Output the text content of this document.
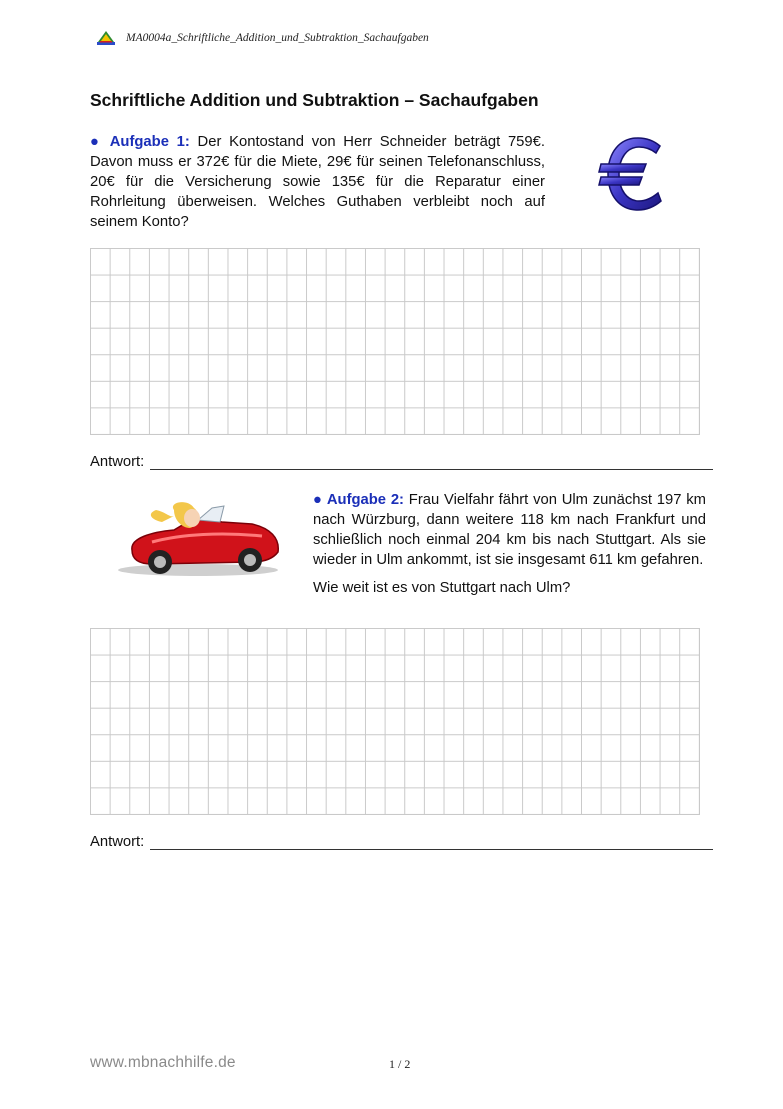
MA0004a_Schriftliche_Addition_und_Subtraktion_Sachaufgaben
Schriftliche Addition und Subtraktion – Sachaufgaben
● Aufgabe 1: Der Kontostand von Herr Schneider beträgt 759€. Davon muss er 372€ für die Miete, 29€ für seinen Telefonanschluss, 20€ für die Versicherung sowie 135€ für die Reparatur einer Rohrleitung überweisen. Welches Guthaben verbleibt noch auf seinem Konto?
Antwort:
● Aufgabe 2: Frau Vielfahr fährt von Ulm zunächst 197 km nach Würzburg, dann weitere 118 km nach Frankfurt und schließlich noch einmal 204 km bis nach Stuttgart. Als sie wieder in Ulm ankommt, ist sie insgesamt 611 km gefahren.
Wie weit ist es von Stuttgart nach Ulm?
Antwort:
www.mbnachhilfe.de	1 / 2
